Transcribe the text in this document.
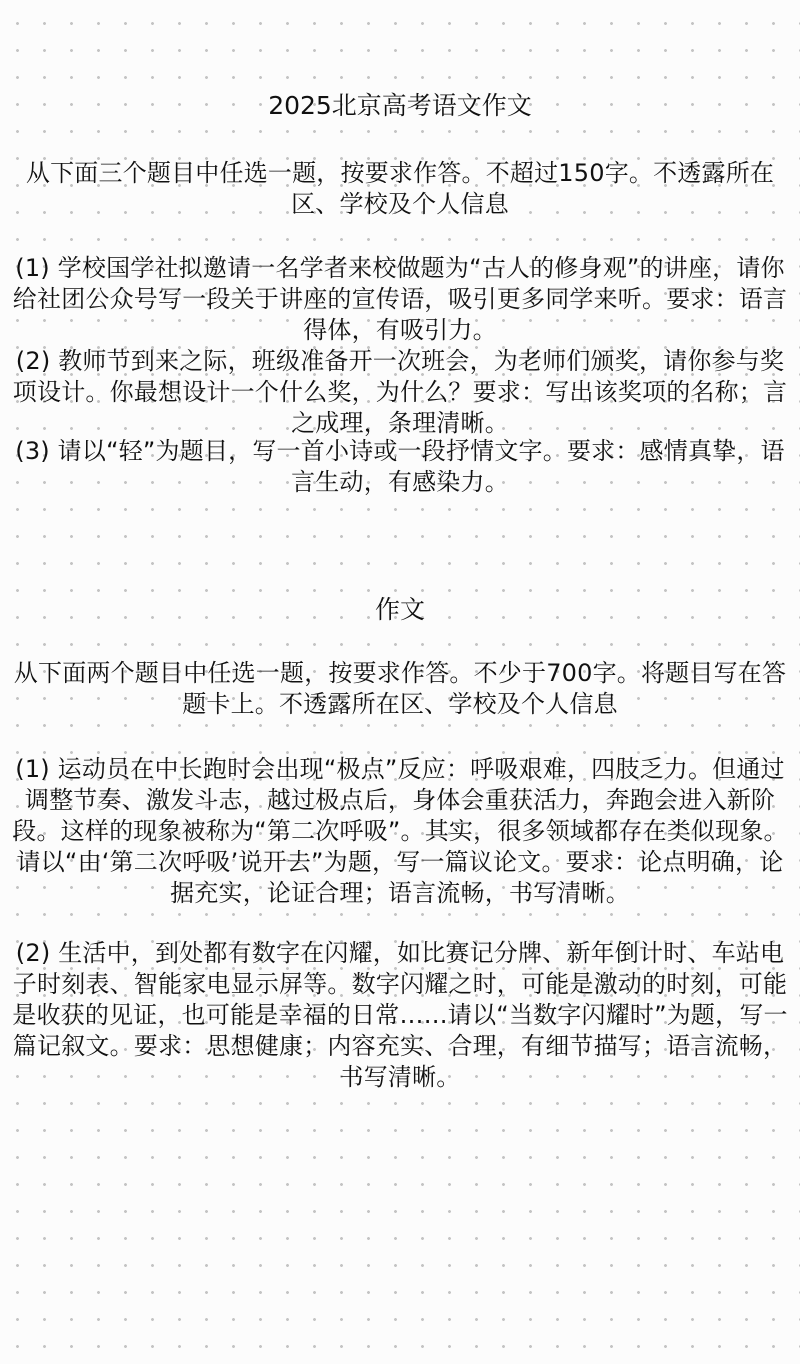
2025北京高考语文作文

从下面三个题目中任选一题，按要求作答。不超过150字。不透露所在区、学校及个人信息

(1) 学校国学社拟邀请一名学者来校做题为“古人的修身观”的讲座，请你给社团公众号写一段关于讲座的宣传语，吸引更多同学来听。要求：语言得体，有吸引力。

(2) 教师节到来之际，班级准备开一次班会，为老师们颁奖，请你参与奖项设计。你最想设计一个什么奖，为什么？要求：写出该奖项的名称；言之成理，条理清晰。

(3) 请以“轻”为题目，写一首小诗或一段抒情文字。要求：感情真挚，语言生动，有感染力。

作文

从下面两个题目中任选一题，按要求作答。不少于700字。将题目写在答题卡上。不透露所在区、学校及个人信息

(1) 运动员在中长跑时会出现“极点”反应：呼吸艰难，四肢乏力。但通过调整节奏、激发斗志，越过极点后，身体会重获活力，奔跑会进入新阶段。这样的现象被称为“第二次呼吸”。其实，很多领域都存在类似现象。请以“由‘第二次呼吸’说开去”为题，写一篇议论文。要求：论点明确，论据充实，论证合理；语言流畅，书写清晰。

(2) 生活中，到处都有数字在闪耀，如比赛记分牌、新年倒计时、车站电子时刻表、智能家电显示屏等。数字闪耀之时，可能是激动的时刻，可能是收获的见证，也可能是幸福的日常……请以“当数字闪耀时”为题，写一篇记叙文。要求：思想健康；内容充实、合理，有细节描写；语言流畅，书写清晰。
